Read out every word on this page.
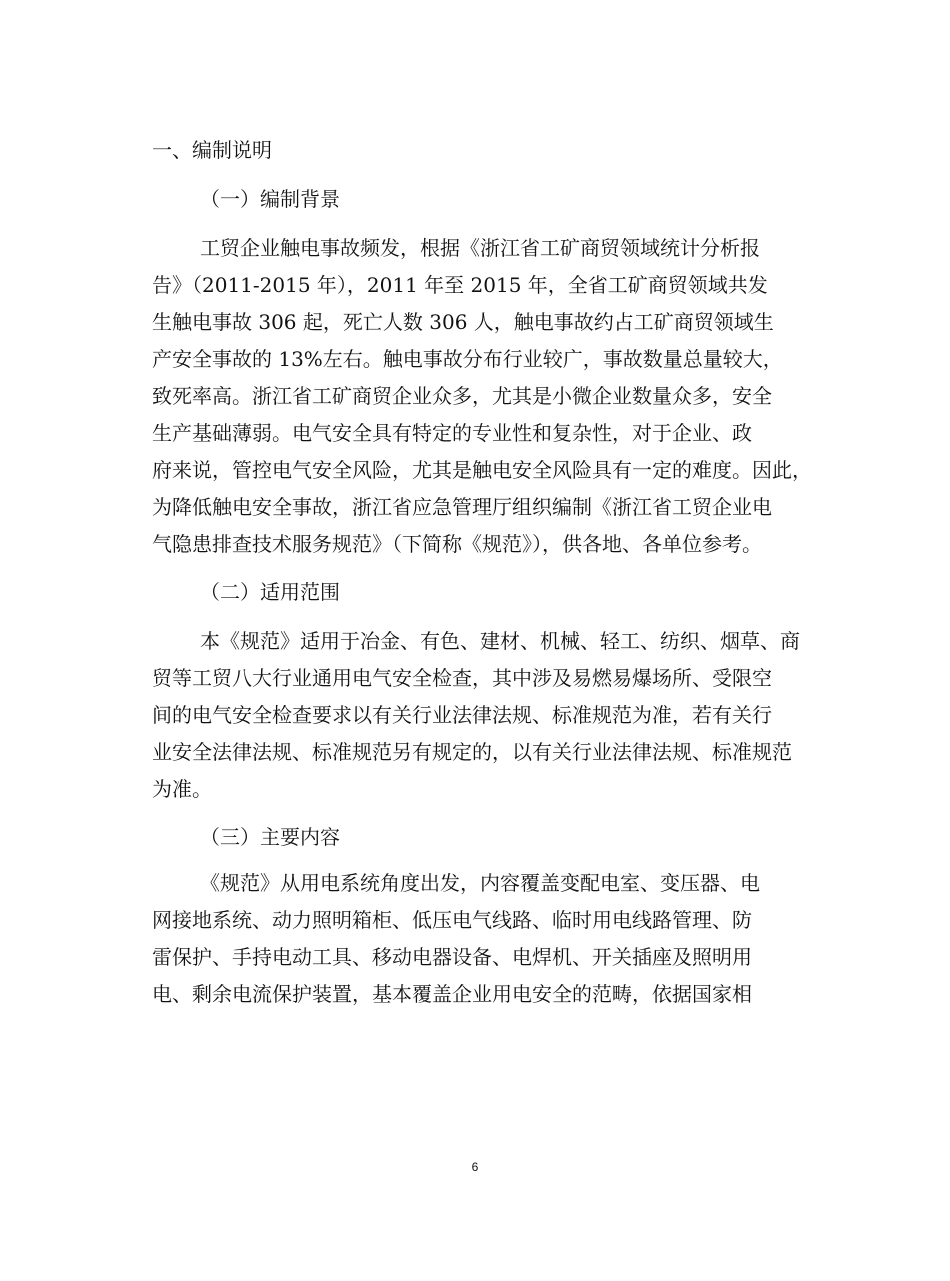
一、编制说明
（一）编制背景
工贸企业触电事故频发，根据《浙江省工矿商贸领域统计分析报
告》（2011-2015 年），2011 年至 2015 年，全省工矿商贸领域共发
生触电事故 306 起，死亡人数 306 人，触电事故约占工矿商贸领域生
产安全事故的 13%左右。触电事故分布行业较广，事故数量总量较大，
致死率高。浙江省工矿商贸企业众多，尤其是小微企业数量众多，安全
生产基础薄弱。电气安全具有特定的专业性和复杂性，对于企业、政
府来说，管控电气安全风险，尤其是触电安全风险具有一定的难度。因此，
为降低触电安全事故，浙江省应急管理厅组织编制《浙江省工贸企业电
气隐患排查技术服务规范》（下简称《规范》），供各地、各单位参考。
（二）适用范围
本《规范》适用于冶金、有色、建材、机械、轻工、纺织、烟草、商
贸等工贸八大行业通用电气安全检查，其中涉及易燃易爆场所、受限空
间的电气安全检查要求以有关行业法律法规、标准规范为准，若有关行
业安全法律法规、标准规范另有规定的，以有关行业法律法规、标准规范
为准。
（三）主要内容
《规范》从用电系统角度出发，内容覆盖变配电室、变压器、电
网接地系统、动力照明箱柜、低压电气线路、临时用电线路管理、防
雷保护、手持电动工具、移动电器设备、电焊机、开关插座及照明用
电、剩余电流保护装置，基本覆盖企业用电安全的范畴，依据国家相
6
